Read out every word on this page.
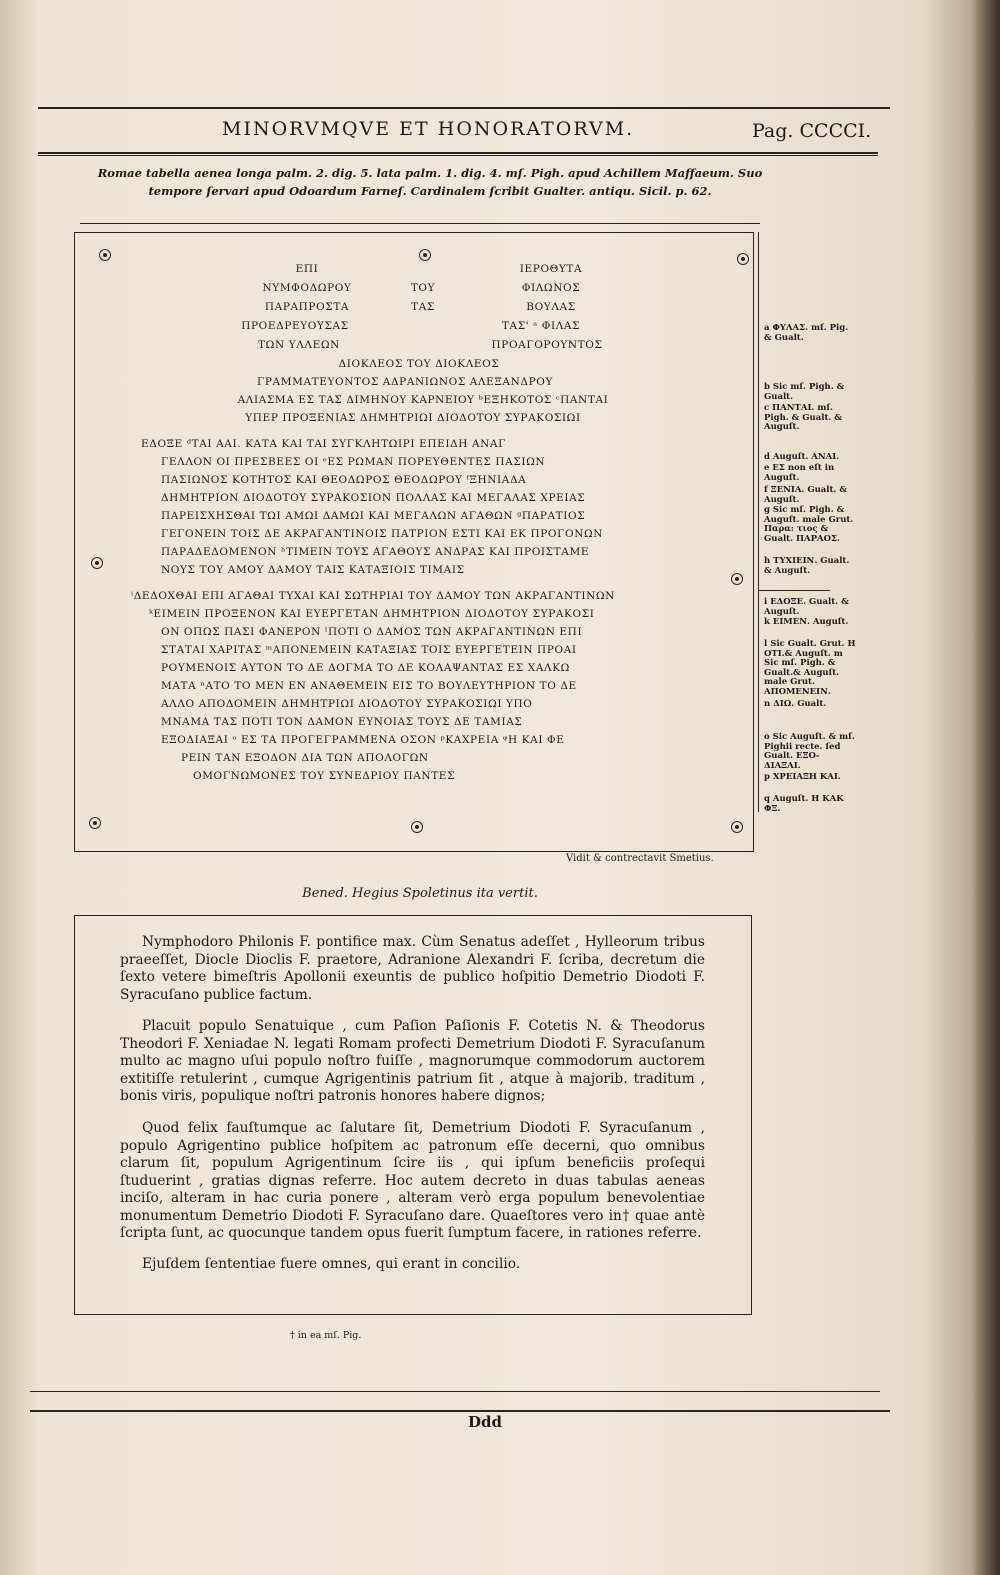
MINORVMQVE ET HONORATORVM.	Pag. CCCCI.
Romae tabella aenea longa palm. 2. dig. 5. lata palm. 1. dig. 4. mſ. Pigh. apud Achillem Maffaeum. Suo
tempore ſervari apud Odoardum Farneſ. Cardinalem ſcribit Gualter. antiqu. Sicil. p. 62.
ΕΠΙ	ΙΕΡΟΘΥΤΑ
ΝΥΜΦΟΔΩΡΟΥ	ΤΟΥ	ΦΙΛΩΝΟΣ
ΠΑΡΑΠΡΟΣΤΑ	ΤΑΣ	ΒΟΥΛΑΣ
ΠΡΟΕΔΡΕΥΟΥΣΑΣ	ΤΑΣ' ᵃ ΦΙΛΑΣ
ΤΩΝ ΥΛΛΕΩΝ	ΠΡΟΑΓΟΡΟΥΝΤΟΣ
ΔΙΟΚΛΕΟΣ ΤΟΥ ΔΙΟΚΛΕΟΣ
ΓΡΑΜΜΑΤΕΥΟΝΤΟΣ ΑΔΡΑΝΙΩΝΟΣ ΑΛΕΞΑΝΔΡΟΥ
ΑΛΙΑΣΜΑ ΕΣ ΤΑΣ ΔΙΜΗΝΟΥ ΚΑΡΝΕΙΟΥ ᵇΕΞΗΚΟΤΟΣ ᶜΠΑΝΤΑΙ
ΥΠΕΡ ΠΡΟΞΕΝΙΑΣ ΔΗΜΗΤΡΙΩΙ ΔΙΟΔΟΤΟΥ ΣΥΡΑΚΟΣΙΩΙ
ΕΔΟΞΕ ᵈΤΑΙ ΑΑΙ. ΚΑΤΑ ΚΑΙ ΤΑΙ ΣΥΓΚΛΗΤΩΙΡΙ ΕΠΕΙΔΗ ΑΝΑΓ
ΓΕΛΛΟΝ ΟΙ ΠΡΕΣΒΕΕΣ ΟΙ ᵉΕΣ ΡΩΜΑΝ ΠΟΡΕΥΘΕΝΤΕΣ ΠΑΣΙΩΝ
ΠΑΣΙΩΝΟΣ ΚΟΤΗΤΟΣ ΚΑΙ ΘΕΟΔΩΡΟΣ ΘΕΟΔΩΡΟΥ ᶠΞΗΝΙΑΔΑ
ΔΗΜΗΤΡΙΟΝ ΔΙΟΔΟΤΟΥ ΣΥΡΑΚΟΣΙΟΝ ΠΟΛΛΑΣ ΚΑΙ ΜΕΓΑΛΑΣ ΧΡΕΙΑΣ
ΠΑΡΕΙΣΧΗΣΘΑΙ ΤΩΙ ΑΜΩΙ ΔΑΜΩΙ ΚΑΙ ΜΕΓΑΛΩΝ ΑΓΑΘΩΝ ᵍΠΑΡΑΤΙΟΣ
ΓΕΓΟΝΕΙΝ ΤΟΙΣ ΔΕ ΑΚΡΑΓΑΝΤΙΝΟΙΣ ΠΑΤΡΙΟΝ ΕΣΤΙ ΚΑΙ ΕΚ ΠΡΟΓΟΝΩΝ
ΠΑΡΑΔΕΔΟΜΕΝΟΝ ʰΤΙΜΕΙΝ ΤΟΥΣ ΑΓΑΘΟΥΣ ΑΝΔΡΑΣ ΚΑΙ ΠΡΟΙΣΤΑΜΕ
ΝΟΥΣ ΤΟΥ ΑΜΟΥ ΔΑΜΟΥ ΤΑΙΣ ΚΑΤΑΞΙΟΙΣ ΤΙΜΑΙΣ
ⁱΔΕΔΟΧΘΑΙ ΕΠΙ ΑΓΑΘΑΙ ΤΥΧΑΙ ΚΑΙ ΣΩΤΗΡΙΑΙ ΤΟΥ ΔΑΜΟΥ ΤΩΝ ΑΚΡΑΓΑΝΤΙΝΩΝ
ᵏΕΙΜΕΙΝ ΠΡΟΞΕΝΟΝ ΚΑΙ ΕΥΕΡΓΕΤΑΝ ΔΗΜΗΤΡΙΟΝ ΔΙΟΔΟΤΟΥ ΣΥΡΑΚΟΣΙ
ΟΝ ΟΠΩΣ ΠΑΣΙ ΦΑΝΕΡΟΝ ˡΠΟΤΙ Ο ΔΑΜΟΣ ΤΩΝ ΑΚΡΑΓΑΝΤΙΝΩΝ ΕΠΙ
ΣΤΑΤΑΙ ΧΑΡΙΤΑΣ ᵐΑΠΟΝΕΜΕΙΝ ΚΑΤΑΞΙΑΣ ΤΟΙΣ ΕΥΕΡΓΕΤΕΙΝ ΠΡΟΑΙ
ΡΟΥΜΕΝΟΙΣ ΑΥΤΟΝ ΤΟ ΔΕ ΔΟΓΜΑ ΤΟ ΔΕ ΚΟΛΑΨΑΝΤΑΣ ΕΣ ΧΑΛΚΩ
ΜΑΤΑ ⁿΑΤΟ ΤΟ ΜΕΝ ΕΝ ΑΝΑΘΕΜΕΙΝ ΕΙΣ ΤΟ ΒΟΥΛΕΥΤΗΡΙΟΝ ΤΟ ΔΕ
ΑΛΛΟ ΑΠΟΔΟΜΕΙΝ ΔΗΜΗΤΡΙΩΙ ΔΙΟΔΟΤΟΥ ΣΥΡΑΚΟΣΙΩΙ ΥΠΟ
ΜΝΑΜΑ ΤΑΣ ΠΟΤΙ ΤΟΝ ΔΑΜΟΝ ΕΥΝΟΙΑΣ ΤΟΥΣ ΔΕ ΤΑΜΙΑΣ
ΕΞΟΔΙΑΞΑΙ ᵒ ΕΣ ΤΑ ΠΡΟΓΕΓΡΑΜΜΕΝΑ ΟΣΟΝ ᵖΚΑΧΡΕΙΑ ᵠΗ ΚΑΙ ΦΕ
ΡΕΙΝ ΤΑΝ ΕΞΟΔΟΝ ΔΙΑ ΤΩΝ ΑΠΟΛΟΓΩΝ
ΟΜΟΓΝΩΜΟΝΕΣ ΤΟΥ ΣΥΝΕΔΡΙΟΥ ΠΑΝΤΕΣ
a ΦΥΛΑΣ. mſ. Pig. & Gualt.
b Sic mſ. Pigh. & Gualt.
c ΠΑΝΤΑΙ. mſ. Pigh. & Gualt. & Auguſt.
d Auguſt. ΑΝΑΙ.
e ΕΣ non eſt in Auguſt.
f ΞΕΝΙΑ. Gualt. & Auguſt.
g Sic mſ. Pigh. & Auguſt. male Grut. Παρα: τιος & Gualt. ΠΑΡΑΟΣ.
h ΤΥΧΙΕΙΝ. Gualt. & Auguſt.
i ΕΔΟΞΕ. Gualt. & Auguſt.
k ΕΙΜΕΝ. Auguſt.
l Sic Gualt. Grut. Η ΟΤΙ.& Auguſt. m Sic mſ. Pigh. & Gualt.& Auguſt. male Grut. ΑΠΟΜΕΝΕΙΝ.
n ΔΙΩ. Gualt.
o Sic Auguſt. & mſ. Pighii recte. ſed Gualt. ΕΞΟ-ΔΙΑΞΑΙ.
p ΧΡΕΙΑΞΗ ΚΑΙ.
q Auguſt. Η ΚΑΚ ΦΞ.
Vidit & contrectavit Smetius.
Bened. Hegius Spoletinus ita vertit.
Nymphodoro Philonis F. pontifice max. Cùm Senatus adeſſet , Hylleorum tribus praeeſſet, Diocle Dioclis F. praetore, Adranione Alexandri F. ſcriba, decretum die ſexto vetere bimeſtris Apollonii exeuntis de publico hoſpitio Demetrio Diodoti F. Syracuſano publice factum.
Placuit populo Senatuique , cum Paſion Paſionis F. Cotetis N. & Theodorus Theodori F. Xeniadae N. legati Romam profecti Demetrium Diodoti F. Syracuſanum multo ac magno uſui populo noſtro fuiſſe , magnorumque commodorum auctorem extitiſſe retulerint , cumque Agrigentinis patrium ſit , atque à majorib. traditum , bonis viris, populique noſtri patronis honores habere dignos;
Quod felix fauſtumque ac ſalutare ſit, Demetrium Diodoti F. Syracuſanum , populo Agrigentino publice hoſpitem ac patronum eſſe decerni, quo omnibus clarum ſit, populum Agrigentinum ſcire iis , qui ipſum beneficiis proſequi ſtuduerint , gratias dignas referre. Hoc autem decreto in duas tabulas aeneas inciſo, alteram in hac curia ponere , alteram verò erga populum benevolentiae monumentum Demetrio Diodoti F. Syracuſano dare. Quaeſtores vero in† quae antè ſcripta ſunt, ac quocunque tandem opus fuerit ſumptum facere, in rationes referre.
Ejuſdem ſententiae fuere omnes, qui erant in concilio.
† in ea mſ. Pig.
Ddd
